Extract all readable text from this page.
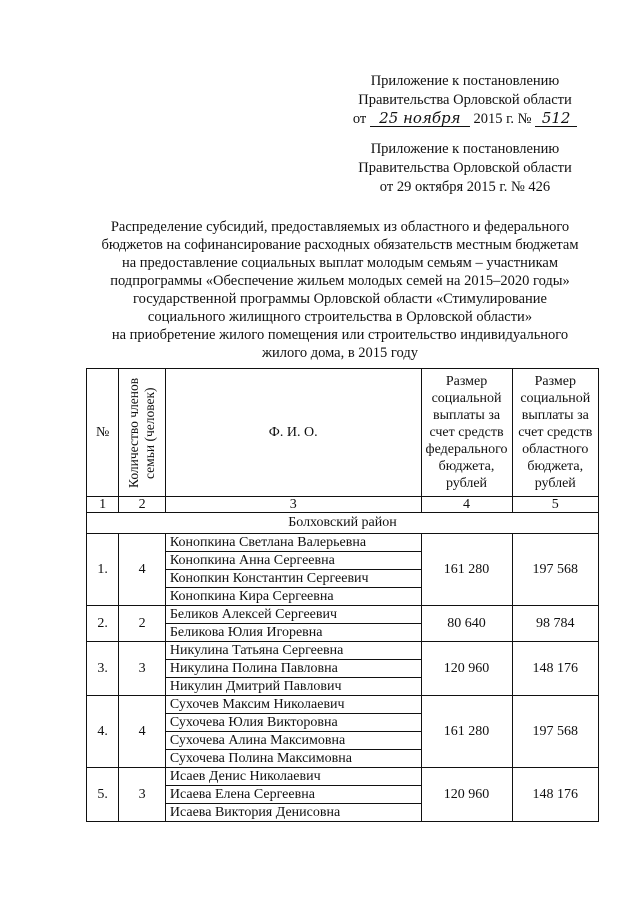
Приложение к постановлению
Правительства Орловской области
от 25 ноября 2015 г. № 512
Приложение к постановлению
Правительства Орловской области
от 29 октября 2015 г. № 426
Распределение субсидий, предоставляемых из областного и федерального
бюджетов на софинансирование расходных обязательств местным бюджетам
на предоставление социальных выплат молодым семьям – участникам
подпрограммы «Обеспечение жильем молодых семей на 2015–2020 годы»
государственной программы Орловской области «Стимулирование
социального жилищного строительства в Орловской области»
на приобретение жилого помещения или строительство индивидуального
жилого дома, в 2015 году
№	Количество членов семьи (человек)	Ф. И. О.	Размер социальной выплаты за счет средств федерального бюджета, рублей	Размер социальной выплаты за счет средств областного бюджета, рублей
1	2	3	4	5
Болховский район				
1.	4	Конопкина Светлана Валерьевна	161 280	197 568
		Конопкина Анна Сергеевна		
		Конопкин Константин Сергеевич		
		Конопкина Кира Сергеевна		
2.	2	Беликов Алексей Сергеевич	80 640	98 784
		Беликова Юлия Игоревна		
3.	3	Никулина Татьяна Сергеевна	120 960	148 176
		Никулина Полина Павловна		
		Никулин Дмитрий Павлович		
4.	4	Сухочев Максим Николаевич	161 280	197 568
		Сухочева Юлия Викторовна		
		Сухочева Алина Максимовна		
		Сухочева Полина Максимовна		
5.	3	Исаев Денис Николаевич	120 960	148 176
		Исаева Елена Сергеевна		
		Исаева Виктория Денисовна		
